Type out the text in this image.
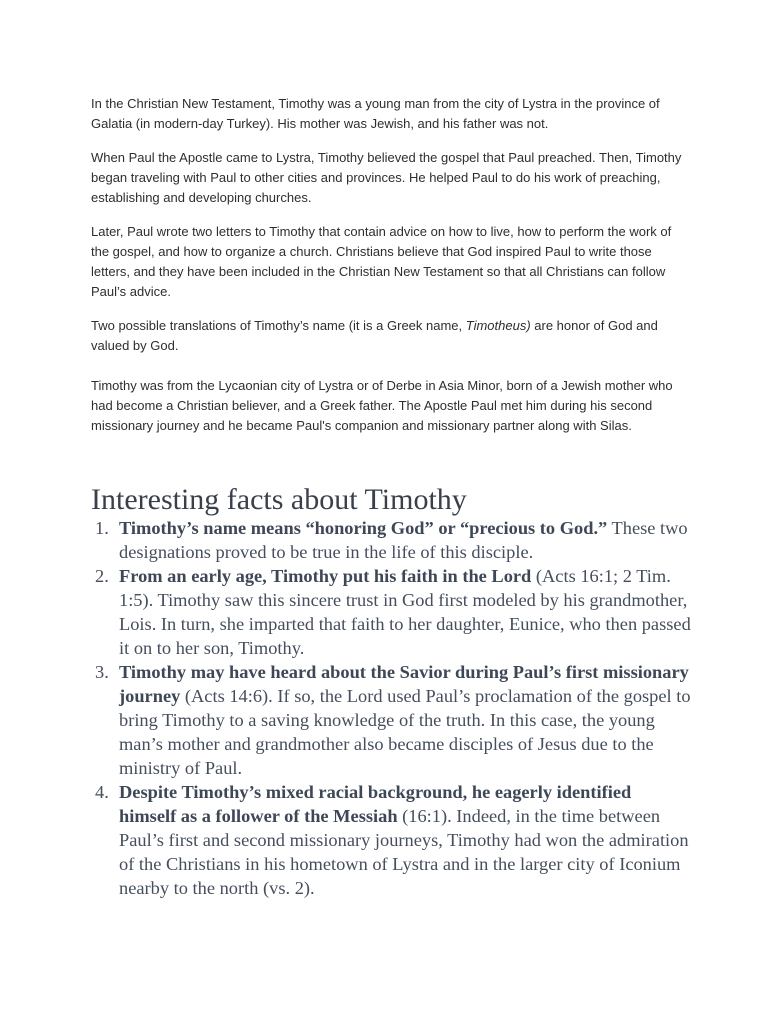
In the Christian New Testament, Timothy was a young man from the city of Lystra in the province of Galatia (in modern-day Turkey). His mother was Jewish, and his father was not.

When Paul the Apostle came to Lystra, Timothy believed the gospel that Paul preached. Then, Timothy began traveling with Paul to other cities and provinces. He helped Paul to do his work of preaching, establishing and developing churches.

Later, Paul wrote two letters to Timothy that contain advice on how to live, how to perform the work of the gospel, and how to organize a church. Christians believe that God inspired Paul to write those letters, and they have been included in the Christian New Testament so that all Christians can follow Paul’s advice.

Two possible translations of Timothy’s name (it is a Greek name, Timotheus) are honor of God and valued by God.

Timothy was from the Lycaonian city of Lystra or of Derbe in Asia Minor, born of a Jewish mother who had become a Christian believer, and a Greek father. The Apostle Paul met him during his second missionary journey and he became Paul's companion and missionary partner along with Silas.

Interesting facts about Timothy
1. Timothy’s name means “honoring God” or “precious to God.” These two designations proved to be true in the life of this disciple.
2. From an early age, Timothy put his faith in the Lord (Acts 16:1; 2 Tim. 1:5). Timothy saw this sincere trust in God first modeled by his grandmother, Lois. In turn, she imparted that faith to her daughter, Eunice, who then passed it on to her son, Timothy.
3. Timothy may have heard about the Savior during Paul’s first missionary journey (Acts 14:6). If so, the Lord used Paul’s proclamation of the gospel to bring Timothy to a saving knowledge of the truth. In this case, the young man’s mother and grandmother also became disciples of Jesus due to the ministry of Paul.
4. Despite Timothy’s mixed racial background, he eagerly identified himself as a follower of the Messiah (16:1). Indeed, in the time between Paul’s first and second missionary journeys, Timothy had won the admiration of the Christians in his hometown of Lystra and in the larger city of Iconium nearby to the north (vs. 2).
